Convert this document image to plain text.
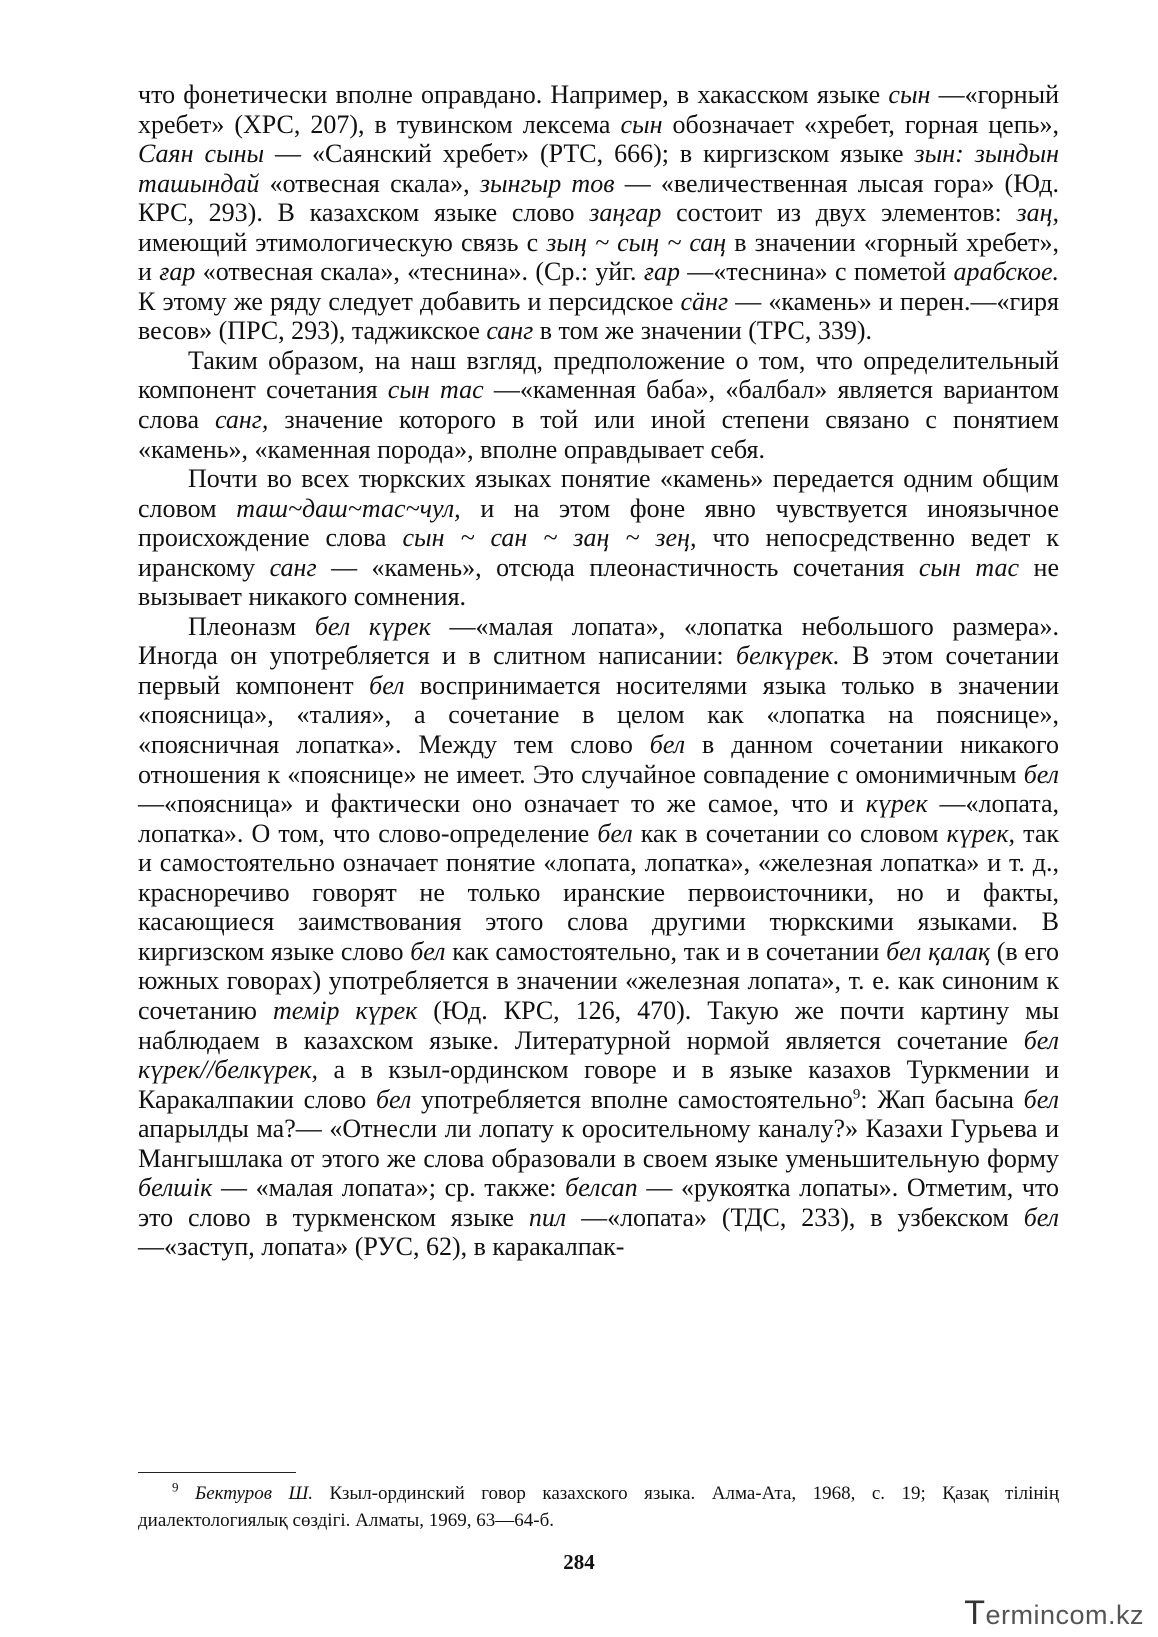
что фонетически вполне оправдано. Например, в хакасском языке сын —«горный хребет» (ХРС, 207), в тувинском лексема сын обозначает «хребет, горная цепь», Саян сыны — «Саянский хребет» (РТС, 666); в киргизском языке зын: зындын ташындай «отвесная скала», зынгыр тов — «величественная лысая гора» (Юд. КРС, 293). В казахском языке слово заңгар состоит из двух элементов: заң, имеющий этимологическую связь с зың ~ сың ~ саң в значении «горный хребет», и ғар «отвесная скала», «теснина». (Ср.: уйг. ғар —«теснина» с пометой арабское. К этому же ряду следует добавить и персидское сäнг — «камень» и перен.—«гиря весов» (ПРС, 293), таджикское санг в том же значении (ТРС, 339).

Таким образом, на наш взгляд, предположение о том, что определительный компонент сочетания сын тас —«каменная баба», «балбал» является вариантом слова санг, значение которого в той или иной степени связано с понятием «камень», «каменная порода», вполне оправдывает себя.

Почти во всех тюркских языках понятие «камень» передается одним общим словом таш~даш~тас~чул, и на этом фоне явно чувствуется иноязычное происхождение слова сын ~ сан ~ заң ~ зең, что непосредственно ведет к иранскому санг — «камень», отсюда плеонастичность сочетания сын тас не вызывает никакого сомнения.

Плеоназм бел күрек —«малая лопата», «лопатка небольшого размера». Иногда он употребляется и в слитном написании: белкүрек. В этом сочетании первый компонент бел воспринимается носителями языка только в значении «поясница», «талия», а сочетание в целом как «лопатка на пояснице», «поясничная лопатка». Между тем слово бел в данном сочетании никакого отношения к «пояснице» не имеет. Это случайное совпадение с омонимичным бел —«поясница» и фактически оно означает то же самое, что и күрек —«лопата, лопатка». О том, что слово-определение бел как в сочетании со словом күрек, так и самостоятельно означает понятие «лопата, лопатка», «железная лопатка» и т. д., красноречиво говорят не только иранские первоисточники, но и факты, касающиеся заимствования этого слова другими тюркскими языками. В киргизском языке слово бел как самостоятельно, так и в сочетании бел қалақ (в его южных говорах) употребляется в значении «железная лопата», т. е. как синоним к сочетанию темір күрек (Юд. КРС, 126, 470). Такую же почти картину мы наблюдаем в казахском языке. Литературной нормой является сочетание бел күрек//белкүрек, а в кзыл-ординском говоре и в языке казахов Туркмении и Каракалпакии слово бел употребляется вполне самостоятельно$^9$: Жап басына бел апарылды ма?— «Отнесли ли лопату к оросительному каналу?» Казахи Гурьева и Мангышлака от этого же слова образовали в своем языке уменьшительную форму белшік — «малая лопата»; ср. также: белсап — «рукоятка лопаты». Отметим, что это слово в туркменском языке пил —«лопата» (ТДС, 233), в узбекском бел —«заступ, лопата» (РУС, 62), в каракалпак-

$^9$ Бектуров Ш. Кзыл-ординский говор казахского языка. Алма-Ата, 1968, с. 19; Қазақ тілінің диалектологиялық сөздігі. Алматы, 1969, 63—64-б.
284
Termincom.kz
